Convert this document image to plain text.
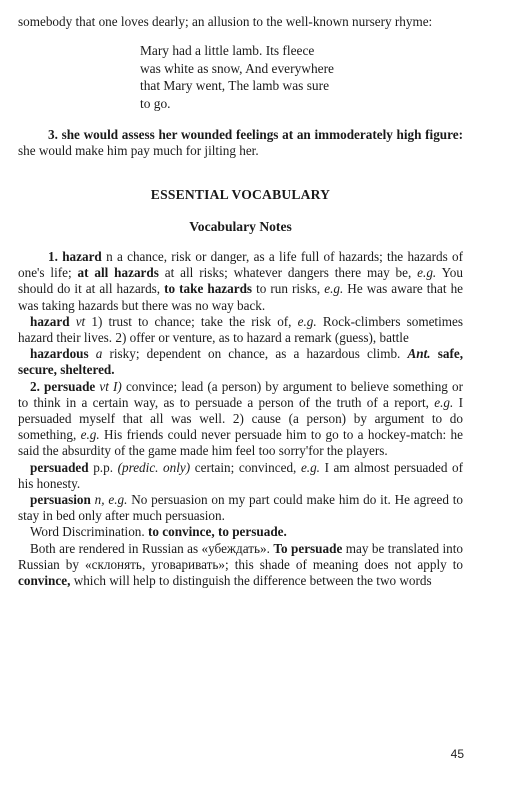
somebody that one loves dearly; an allusion to the well-known nursery rhyme:

Mary had a little lamb. Its fleece
was white as snow, And everywhere
that Mary went, The lamb was sure
to go.

3. she would assess her wounded feelings at an immoderately high figure: she would make him pay much for jilting her.

ESSENTIAL VOCABULARY
Vocabulary Notes

1. hazard n a chance, risk or danger, as a life full of hazards; the hazards of one's life; at all hazards at all risks; whatever dangers there may be, e.g. You should do it at all hazards, to take hazards to run risks, e.g. He was aware that he was taking hazards but there was no way back.

hazard vt 1) trust to chance; take the risk of, e.g. Rock-climbers sometimes hazard their lives. 2) offer or venture, as to hazard a remark (guess), battle

hazardous a risky; dependent on chance, as a hazardous climb. Ant. safe, secure, sheltered.

2. persuade vt I) convince; lead (a person) by argument to believe something or to think in a certain way, as to persuade a person of the truth of a report, e.g. I persuaded myself that all was well. 2) cause (a person) by argument to do something, e.g. His friends could never persuade him to go to a hockey-match: he said the absurdity of the game made him feel too sorry'for the players.

persuaded p.p. (predic. only) certain; convinced, e.g. I am almost persuaded of his honesty.

persuasion n, e.g. No persuasion on my part could make him do it. He agreed to stay in bed only after much persuasion.

Word Discrimination. to convince, to persuade.

Both are rendered in Russian as «убеждать». To persuade may be translated into Russian by «склонять, уговаривать»; this shade of meaning does not apply to convince, which will help to distinguish the difference between the two words

45
